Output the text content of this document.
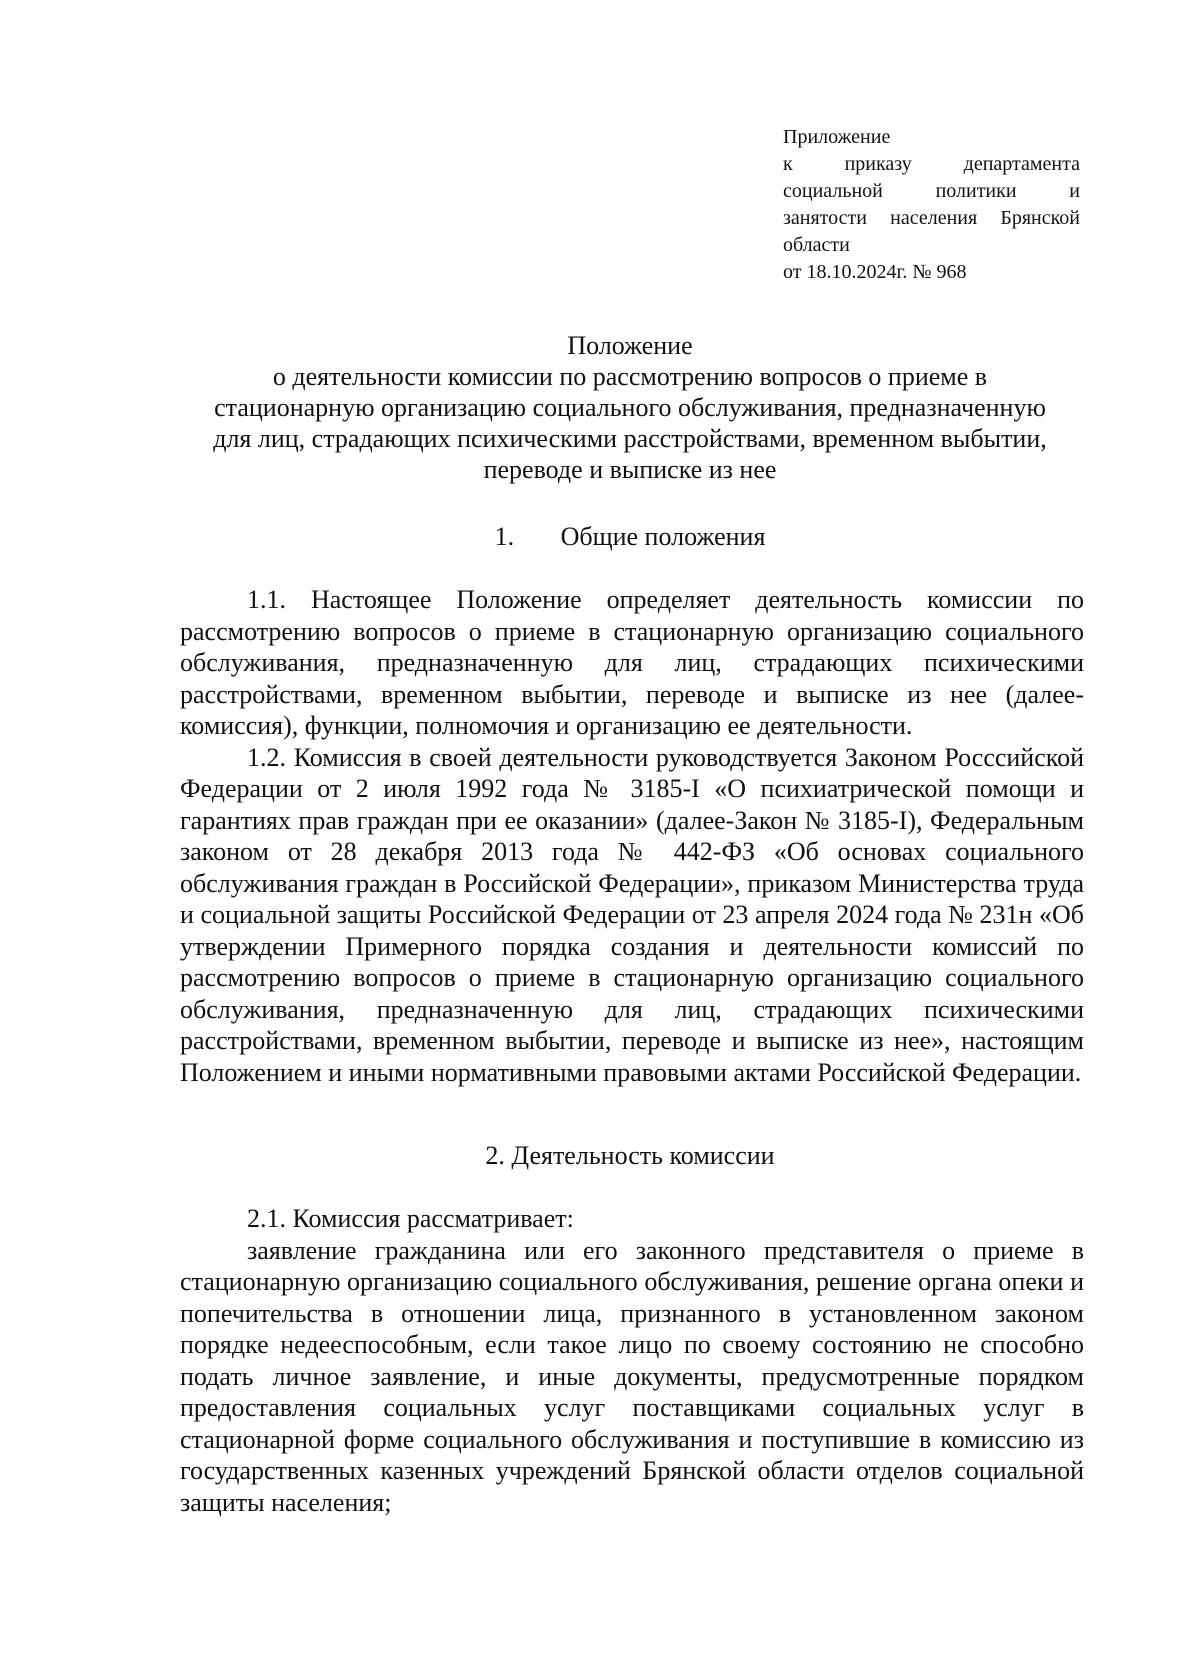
Приложение
к приказу департамента
социальной политики и
занятости населения Брянской
области
от 18.10.2024г. № 968
Положение
о деятельности комиссии по рассмотрению вопросов о приеме в
стационарную организацию социального обслуживания, предназначенную
для лиц, страдающих психическими расстройствами, временном выбытии,
переводе и выписке из нее
1. Общие положения

1.1. Настоящее Положение определяет деятельность комиссии по рассмотрению вопросов о приеме в стационарную организацию социального обслуживания, предназначенную для лиц, страдающих психическими расстройствами, временном выбытии, переводе и выписке из нее (далее-комиссия), функции, полномочия и организацию ее деятельности.

1.2. Комиссия в своей деятельности руководствуется Законом Росссийской Федерации от 2 июля 1992 года № 3185-I «О психиатрической помощи и гарантиях прав граждан при ее оказании» (далее-Закон № 3185-I), Федеральным законом от 28 декабря 2013 года № 442-ФЗ «Об основах социального обслуживания граждан в Российской Федерации», приказом Министерства труда и социальной защиты Российской Федерации от 23 апреля 2024 года № 231н «Об утверждении Примерного порядка создания и деятельности комиссий по рассмотрению вопросов о приеме в стационарную организацию социального обслуживания, предназначенную для лиц, страдающих психическими расстройствами, временном выбытии, переводе и выписке из нее», настоящим Положением и иными нормативными правовыми актами Российской Федерации.

2. Деятельность комиссии

2.1. Комиссия рассматривает:

заявление гражданина или его законного представителя о приеме в стационарную организацию социального обслуживания, решение органа опеки и попечительства в отношении лица, признанного в установленном законом порядке недееспособным, если такое лицо по своему состоянию не способно подать личное заявление, и иные документы, предусмотренные порядком предоставления социальных услуг поставщиками социальных услуг в стационарной форме социального обслуживания и поступившие в комиссию из государственных казенных учреждений Брянской области отделов социальной защиты населения;
